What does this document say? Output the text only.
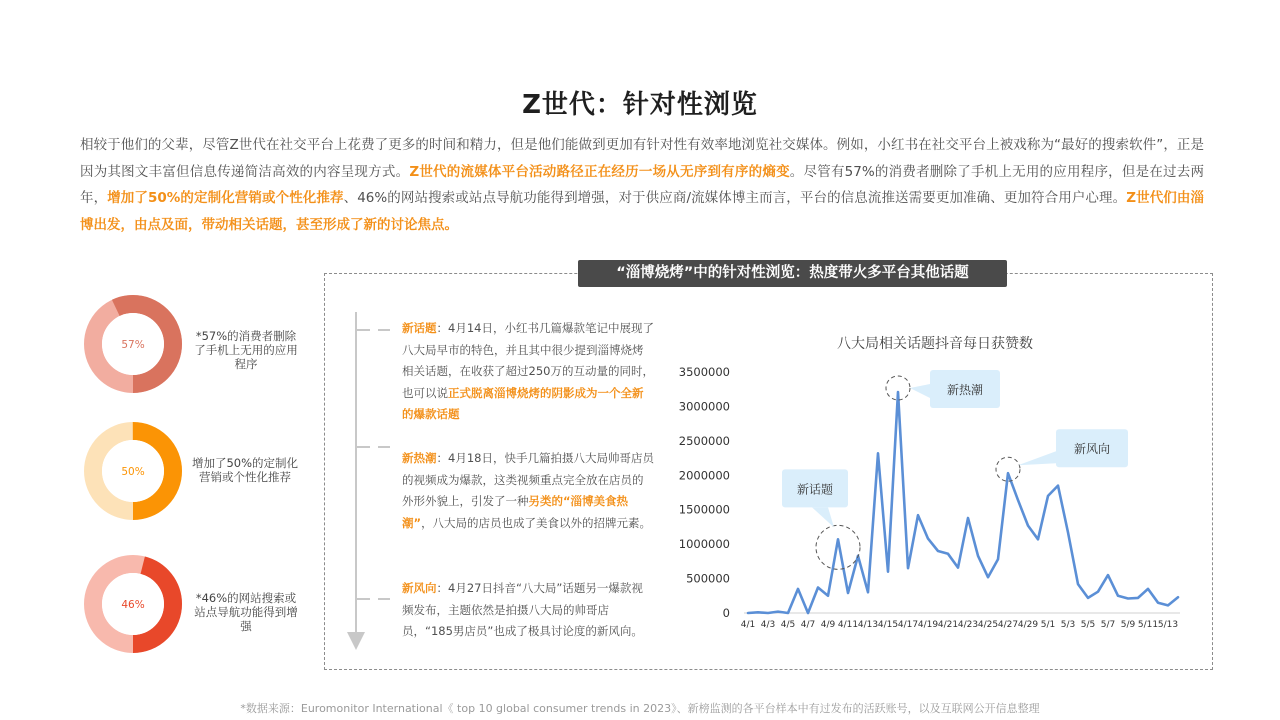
Z世代：针对性浏览
相较于他们的父辈，尽管Z世代在社交平台上花费了更多的时间和精力，但是他们能做到更加有针对性有效率地浏览社交媒体。例如，小红书在社交平台上被戏称为“最好的搜索软件”，正是因为其图文丰富但信息传递简洁高效的内容呈现方式。Z世代的流媒体平台活动路径正在经历一场从无序到有序的熵变。尽管有57%的消费者删除了手机上无用的应用程序，但是在过去两年，增加了50%的定制化营销或个性化推荐、46%的网站搜索或站点导航功能得到增强，对于供应商/流媒体博主而言，平台的信息流推送需要更加准确、更加符合用户心理。Z世代们由淄博出发，由点及面，带动相关话题，甚至形成了新的讨论焦点。
57%
*57%的消费者删除了手机上无用的应用程序
50%
增加了50%的定制化营销或个性化推荐
46%	*46%的网站搜索或站点导航功能得到增强
“淄博烧烤”中的针对性浏览：热度带火多平台其他话题
新话题：4月14日，小红书几篇爆款笔记中展现了八大局早市的特色，并且其中很少提到淄博烧烤相关话题，在收获了超过250万的互动量的同时，也可以说正式脱离淄博烧烤的阴影成为一个全新的爆款话题
新热潮：4月18日，快手几篇拍摄八大局帅哥店员的视频成为爆款，这类视频重点完全放在店员的外形外貌上，引发了一种另类的“淄博美食热潮”，八大局的店员也成了美食以外的招牌元素。
新风向：4月27日抖音“八大局”话题另一爆款视频发布，主题依然是拍摄八大局的帅哥店员，“185男店员”也成了极具讨论度的新风向。
八大局相关话题抖音每日获赞数
0
500000
1000000
1500000
2000000
2500000
3000000
3500000
4/1 4/3 4/5 4/7 4/9 4/11 4/13 4/15 4/17 4/19 4/21 4/23 4/25 4/27 4/29 5/1 5/3 5/5 5/7 5/9 5/11 5/13
新话题
新热潮
新风向
*数据来源：Euromonitor International《 top 10 global consumer trends in 2023》、新榜监测的各平台样本中有过发布的活跃账号，以及互联网公开信息整理
